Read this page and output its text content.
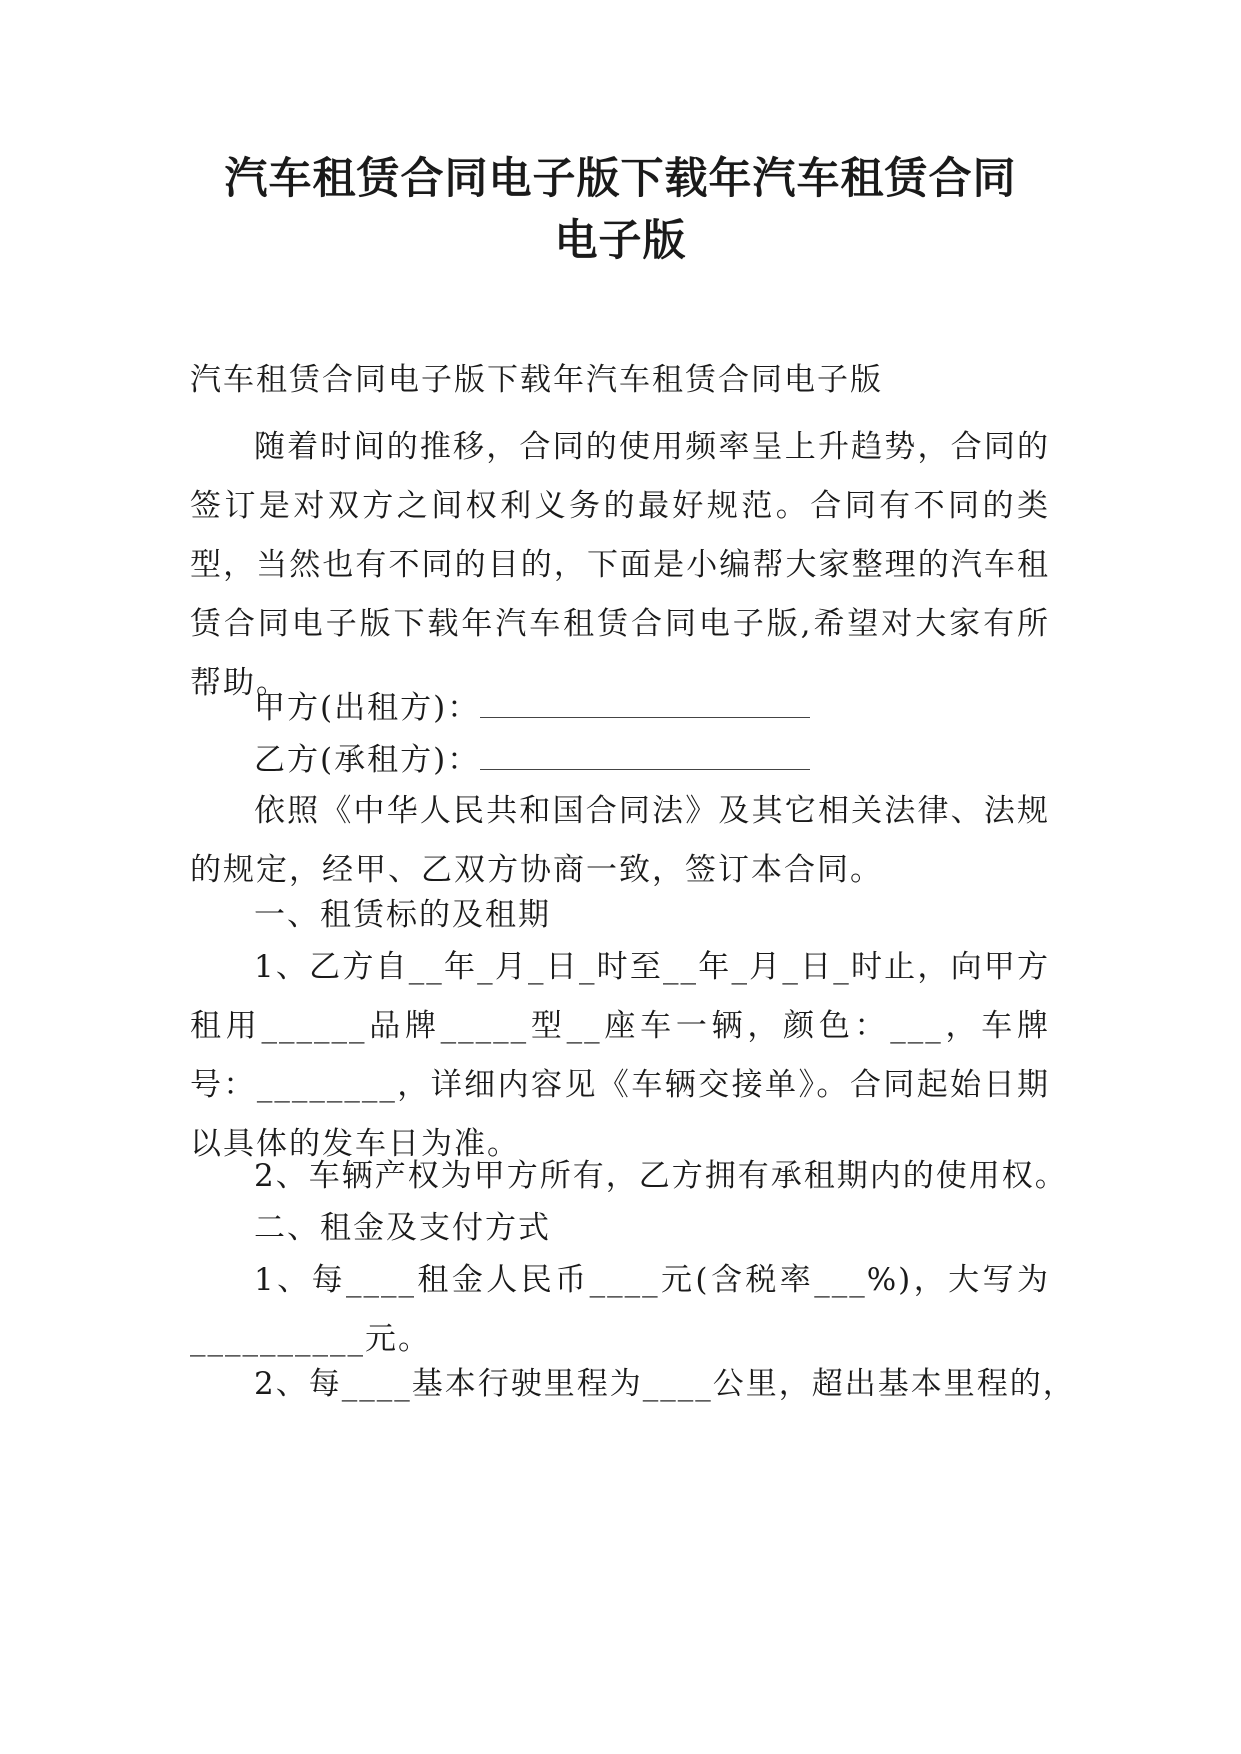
汽车租赁合同电子版下载年汽车租赁合同
电子版
汽车租赁合同电子版下载年汽车租赁合同电子版
随着时间的推移，合同的使用频率呈上升趋势，合同的签订是对双方之间权利义务的最好规范。合同有不同的类型，当然也有不同的目的，下面是小编帮大家整理的汽车租赁合同电子版下载年汽车租赁合同电子版,希望对大家有所帮助。
甲方(出租方)：
乙方(承租方)：
依照《中华人民共和国合同法》及其它相关法律、法规的规定，经甲、乙双方协商一致，签订本合同。
一、租赁标的及租期
1、乙方自__年_月_日_时至__年_月_日_时止，向甲方租用______品牌_____型__座车一辆，颜色：___，车牌号：________，详细内容见《车辆交接单》。合同起始日期以具体的发车日为准。
2、车辆产权为甲方所有，乙方拥有承租期内的使用权。
二、租金及支付方式
1、每____租金人民币____元(含税率___%)，大写为__________元。
2、每____基本行驶里程为____公里，超出基本里程的，
